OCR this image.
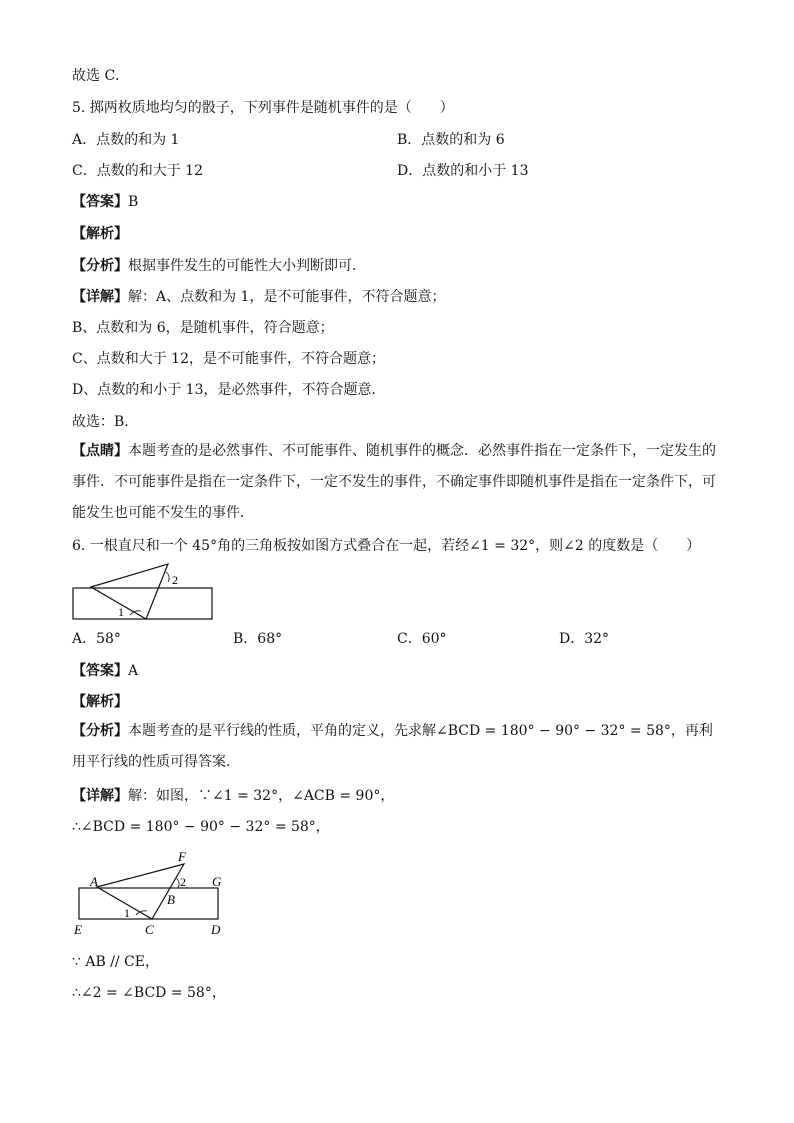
故选 C．
5. 掷两枚质地均匀的骰子，下列事件是随机事件的是（　　）
A．点数的和为 1	B．点数的和为 6
C．点数的和大于 12	D．点数的和小于 13
【答案】B
【解析】
【分析】根据事件发生的可能性大小判断即可．
【详解】解：A、点数和为 1，是不可能事件，不符合题意；
B、点数和为 6，是随机事件，符合题意；
C、点数和大于 12，是不可能事件，不符合题意；
D、点数的和小于 13，是必然事件，不符合题意．
故选：B．
【点睛】本题考查的是必然事件、不可能事件、随机事件的概念．必然事件指在一定条件下，一定发生的事件．不可能事件是指在一定条件下，一定不发生的事件，不确定事件即随机事件是指在一定条件下，可能发生也可能不发生的事件．
6. 一根直尺和一个 45°角的三角板按如图方式叠合在一起，若经∠1 = 32°，则∠2 的度数是（　　）
1
2
A．58°	B．68°	C．60°	D．32°
【答案】A
【解析】
【分析】本题考查的是平行线的性质，平角的定义，先求解∠BCD = 180° − 90° − 32° = 58°，再利用平行线的性质可得答案．
【详解】解：如图，∵∠1 = 32°，∠ACB = 90°，
∴∠BCD = 180° − 90° − 32° = 58°，
F
A	G
B
E	C	D
1
2
∵ AB // CE，
∴∠2 = ∠BCD = 58°，
